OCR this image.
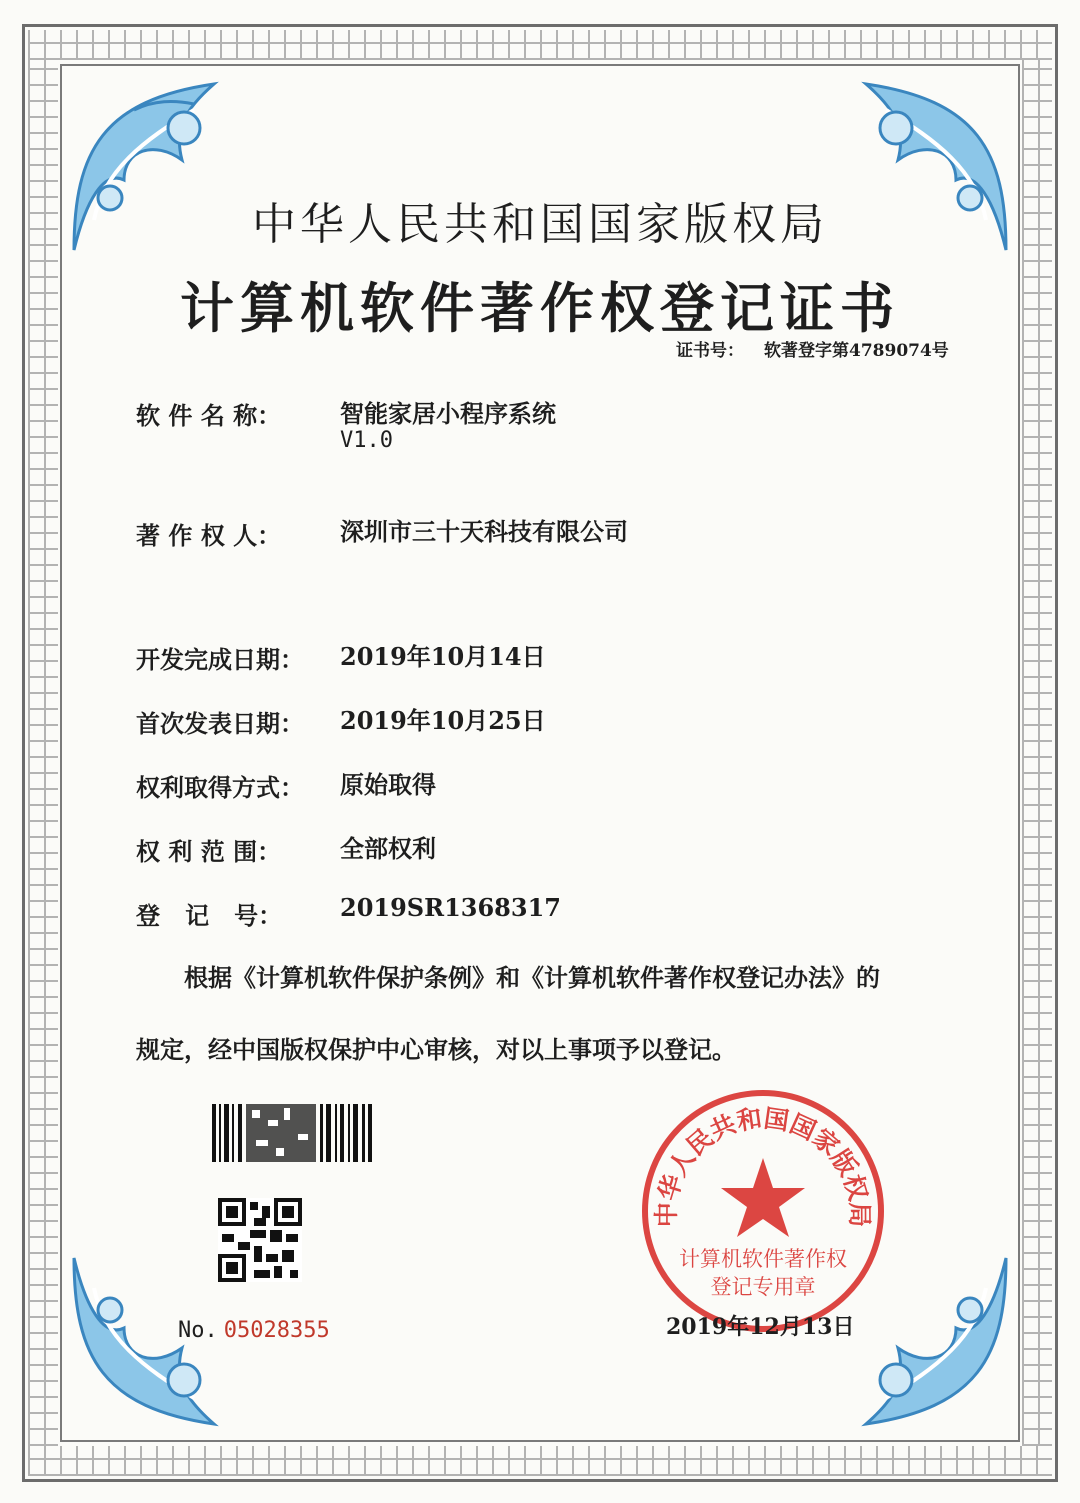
中华人民共和国国家版权局
计算机软件著作权登记证书
证书号： 软著登字第4789074号
软 件 名 称： 智能家居小程序系统
V1.0
著 作 权 人： 深圳市三十天科技有限公司
开发完成日期： 2019年10月14日
首次发表日期： 2019年10月25日
权利取得方式： 原始取得
权 利 范 围： 全部权利
登   记   号： 2019SR1368317
根据《计算机软件保护条例》和《计算机软件著作权登记办法》的
规定，经中国版权保护中心审核，对以上事项予以登记。
No. 05028355
中华人民共和国国家版权局
计算机软件著作权
登记专用章
2019年12月13日
